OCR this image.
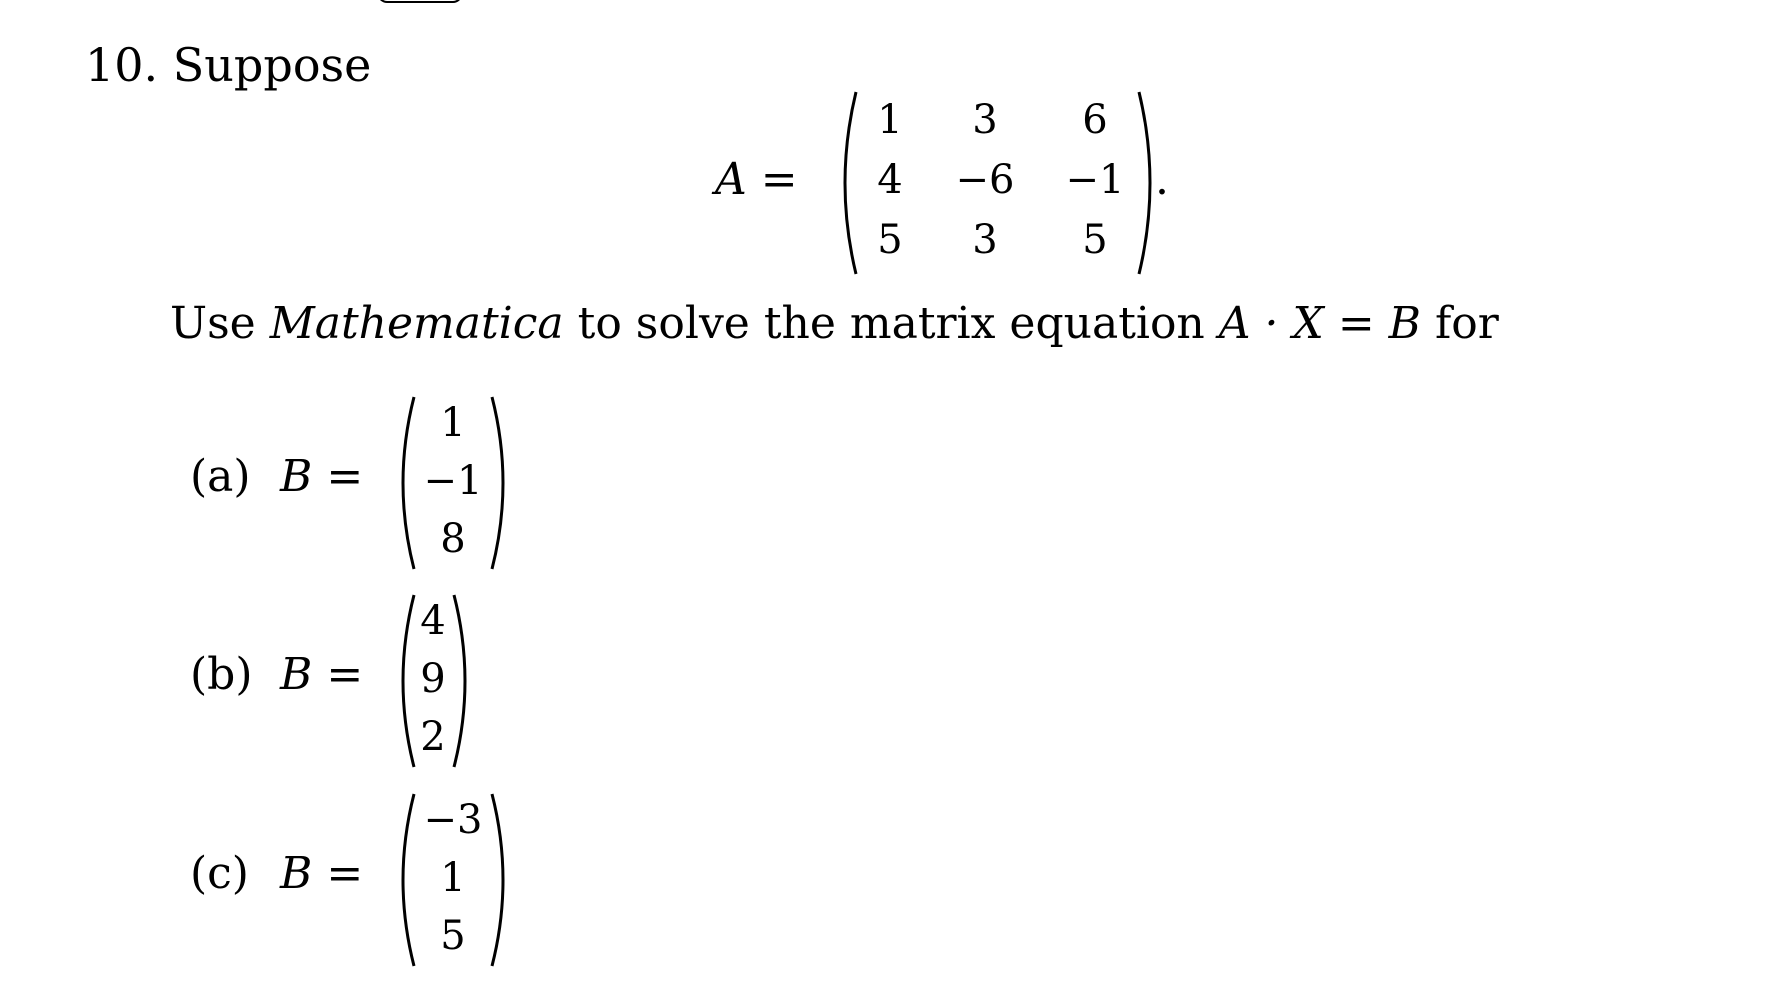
10. Suppose
A =
1	3	6
4	−6 −1
5	3	5
.
Use Mathematica to solve the matrix equation A · X = B for
(a) B =
1
−1
8
(b) B =
4
9
2
(c) B =
−3
1
5
